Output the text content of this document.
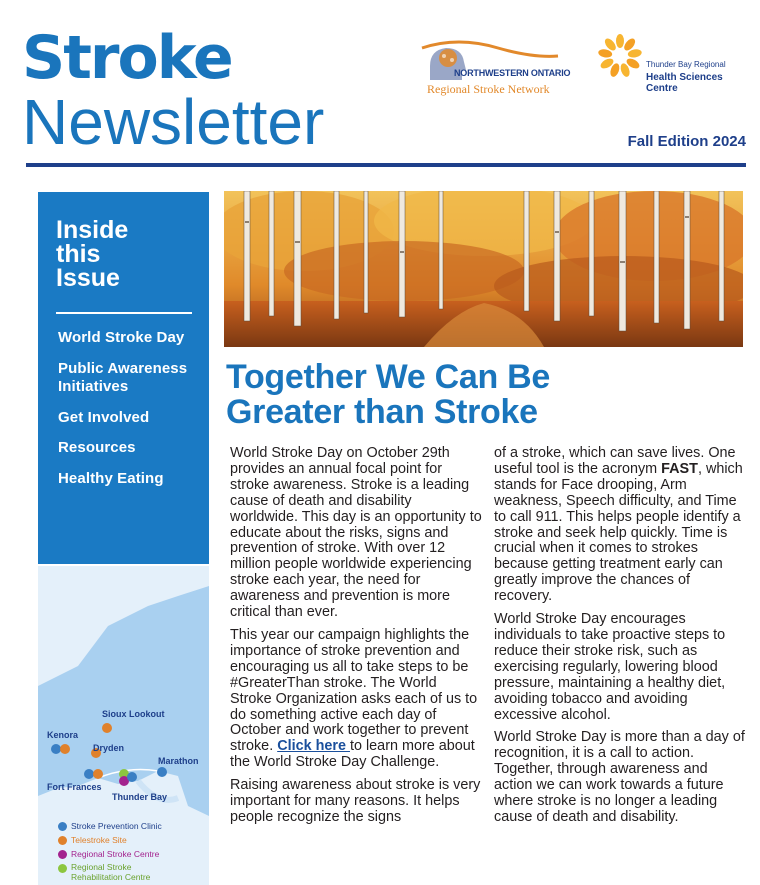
Stroke
Newsletter
NORTHWESTERN ONTARIO
Regional Stroke Network
Thunder Bay Regional
Health Sciences
Centre
Fall Edition 2024
Inside
this
Issue
World Stroke Day
Public Awareness Initiatives
Get Involved
Resources
Healthy Eating
Sioux Lookout
Kenora
Dryden
Marathon
Fort Frances
Thunder Bay
Stroke Prevention Clinic
Telestroke Site
Regional Stroke Centre
Regional Stroke Rehabilitation Centre
Together We Can Be
Greater than Stroke

World Stroke Day on October 29th provides an annual focal point for stroke awareness. Stroke is a leading cause of death and disability worldwide. This day is an opportunity to educate about the risks, signs and prevention of stroke. With over 12 million people worldwide experiencing stroke each year, the need for awareness and prevention is more critical than ever.

This year our campaign highlights the importance of stroke prevention and encouraging us all to take steps to be #GreaterThan stroke. The World Stroke Organization asks each of us to do something active each day of October and work together to prevent stroke. Click here to learn more about the World Stroke Day Challenge.

Raising awareness about stroke is very important for many reasons. It helps people recognize the signs

of a stroke, which can save lives. One useful tool is the acronym FAST, which stands for Face drooping, Arm weakness, Speech difficulty, and Time to call 911. This helps people identify a stroke and seek help quickly. Time is crucial when it comes to strokes because getting treatment early can greatly improve the chances of recovery.

World Stroke Day encourages individuals to take proactive steps to reduce their stroke risk, such as exercising regularly, lowering blood pressure, maintaining a healthy diet, avoiding tobacco and avoiding excessive alcohol.

World Stroke Day is more than a day of recognition, it is a call to action. Together, through awareness and action we can work towards a future where stroke is no longer a leading cause of death and disability.
